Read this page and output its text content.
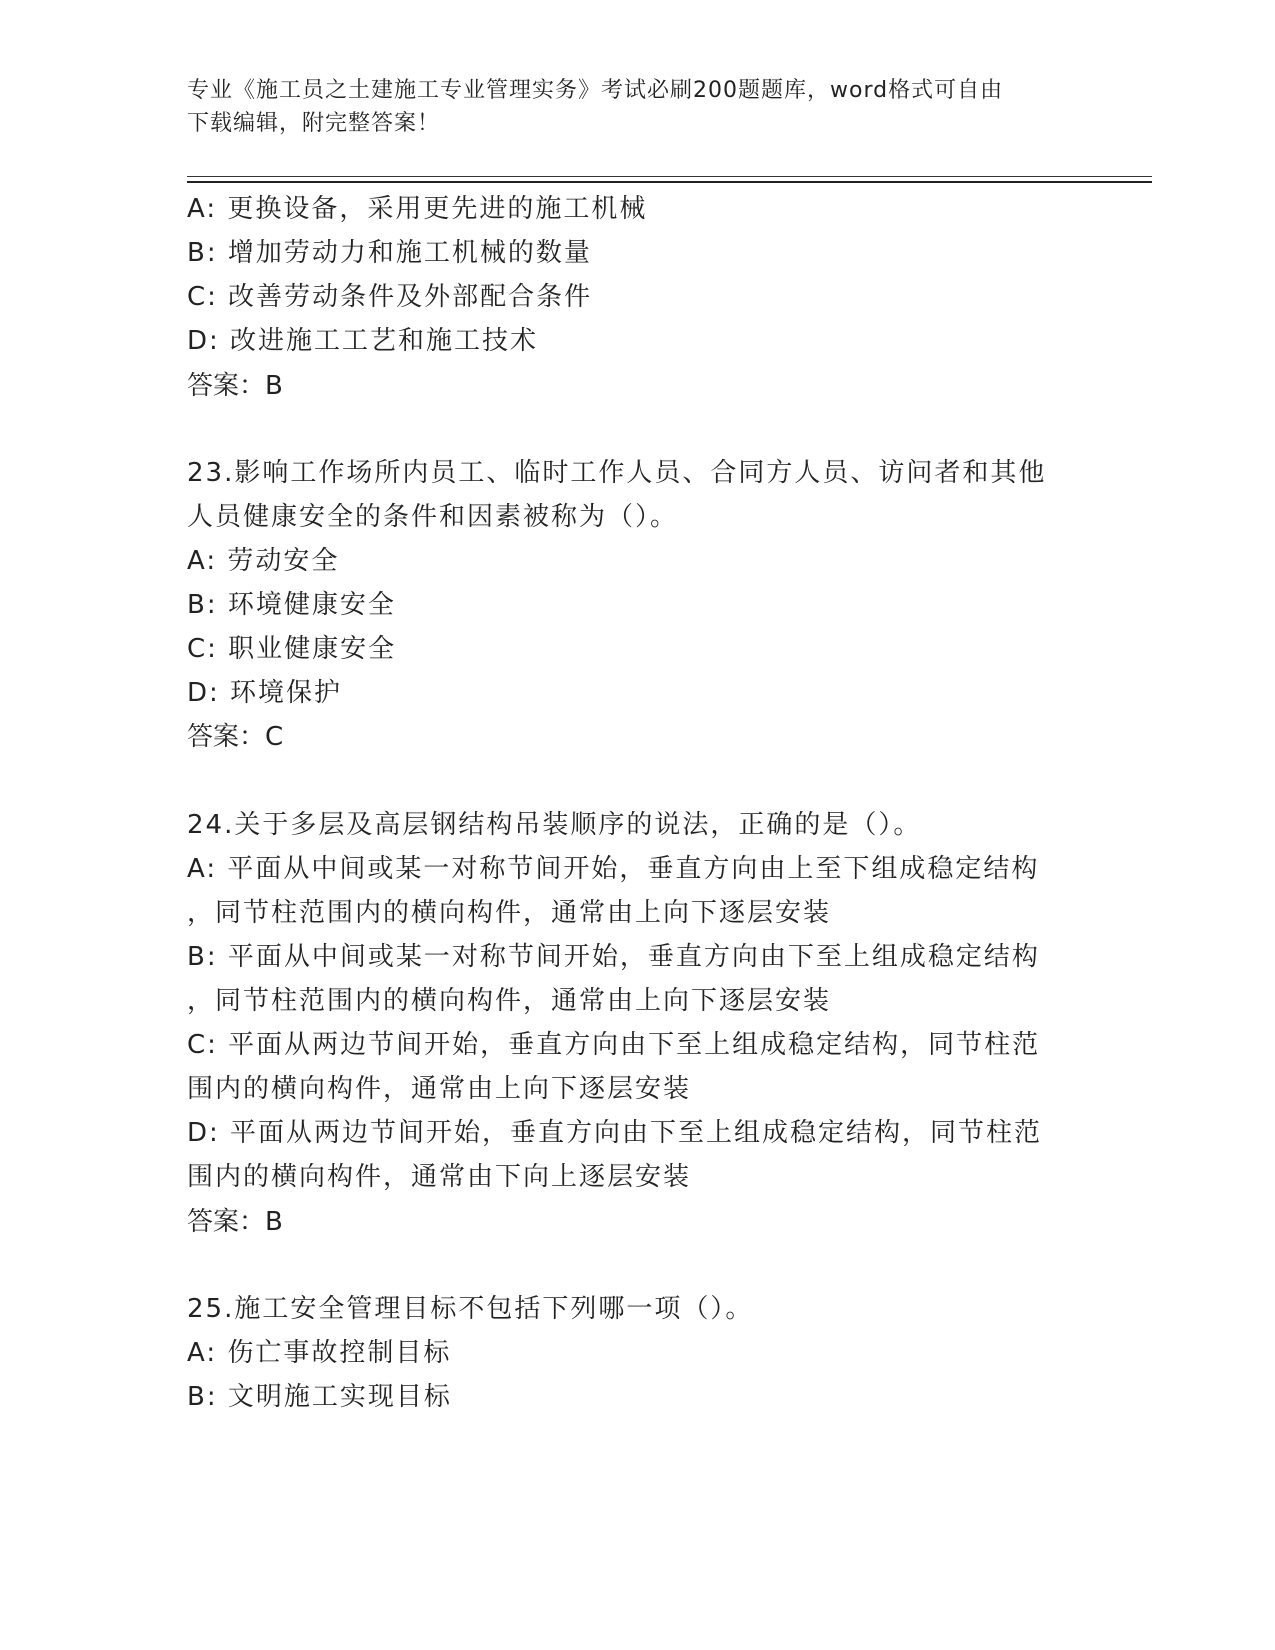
专业《施工员之土建施工专业管理实务》考试必刷200题题库，word格式可自由
下载编辑，附完整答案！

A: 更换设备，采用更先进的施工机械

B: 增加劳动力和施工机械的数量

C: 改善劳动条件及外部配合条件

D: 改进施工工艺和施工技术

答案：B

23.影响工作场所内员工、临时工作人员、合同方人员、访问者和其他

人员健康安全的条件和因素被称为（）。

A: 劳动安全

B: 环境健康安全

C: 职业健康安全

D: 环境保护

答案：C

24.关于多层及高层钢结构吊装顺序的说法，正确的是（）。

A: 平面从中间或某一对称节间开始，垂直方向由上至下组成稳定结构

，同节柱范围内的横向构件，通常由上向下逐层安装

B: 平面从中间或某一对称节间开始，垂直方向由下至上组成稳定结构

，同节柱范围内的横向构件，通常由上向下逐层安装

C: 平面从两边节间开始，垂直方向由下至上组成稳定结构，同节柱范

围内的横向构件，通常由上向下逐层安装

D: 平面从两边节间开始，垂直方向由下至上组成稳定结构，同节柱范

围内的横向构件，通常由下向上逐层安装

答案：B

25.施工安全管理目标不包括下列哪一项（）。

A: 伤亡事故控制目标

B: 文明施工实现目标
